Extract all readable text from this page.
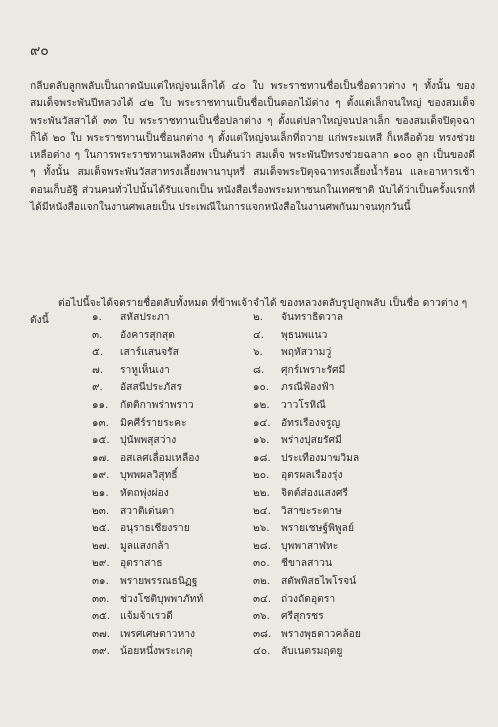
๙๐

กลีบตลับลูกพลับเป็นถาดนับแต่ใหญ่จนเล็กได้ ๔๐ ใบ พระราชทานชื่อเป็นชื่อดาวต่าง ๆ ทั้งนั้น ของสมเด็จพระพันปีหลวงได้ ๔๒ ใบ พระราชทานเป็นชื่อเป็นดอกไม้ต่าง ๆ ตั้งแต่เล็กจนใหญ่ ของสมเด็จพระพันวัสสาได้ ๓๓ ใบ พระราชทานเป็นชื่อปลาต่าง ๆ ตั้งแต่ปลาใหญ่จนปลาเล็ก ของสมเด็จปิตุจฉาก็ได้ ๒๐ ใบ พระราชทานเป็นชื่อนกต่าง ๆ ตั้งแต่ใหญ่จนเล็กที่ถวาย แก่พระมเหสี ก็เหลือด้วย ทรงช่วยเหลือต่าง ๆ ในการพระราชทานเพลิงศพ เป็นต้นว่า สมเด็จ พระพันปีทรงช่วยฉลาก ๑๐๐ ลูก เป็นของดี ๆ ทั้งนั้น สมเด็จพระพันวัสสาทรงเลี้ยงพานาบุหรี่ สมเด็จพระปิตุจฉาทรงเลี้ยงน้ำร้อน และอาหารเช้า ตอนเก็บอัฐิ ส่วนคนทั่วไปนั้นได้รับแจกเป็น หนังสือเรื่องพระมหาชนกในเทศชาติ นับได้ว่าเป็นครั้งแรกที่ได้มีหนังสือแจกในงานศพเลยเป็น ประเพณีในการแจกหนังสือในงานศพกันมาจนทุกวันนี้

ต่อไปนี้จะได้จดรายชื่อตลับทั้งหมด ที่ข้าพเจ้าจำได้ ของหลวงตลับรูปลูกพลับ เป็นชื่อ ดาวต่าง ๆ ดังนี้	๑.	สหัสประภา	๒.	จันทราธิดวาล
๓.	อังคารสุกสุด	๔.	พุธนพแนว
๕.	เสาร์แสนจรัส	๖.	พฤหัสวามวู่
๗.	ราหูเห็นเงา	๘.	ศุกร์เพราะรัศมี
๙.	อัสสนีประภัสร	๑๐.	ภรณีฟ้องฟ้า
๑๑.	กัตติกาพร่าพราว	๑๒.	วาวโรหิณี
๑๓.	มิคศีร์รายระคะ	๑๔.	อัทรเรืองจรูญ
๑๕.	ปุนัพพสุสว่าง	๑๖.	พร่างปุสยรัศมี
๑๗.	อสเลศเลื่อมเหลือง	๑๘. ประเทืองมาฆวิมล
๑๙.	บุพพผลวิสุทธิ์	๒๐.	อุตรผลเรืองรุ่ง
๒๑.	หัตถพุ่งผ่อง	๒๒.	จิตต์ส่องแสงศรี
๒๓.	สวาติเด่นดา	๒๔. วิสาขะระตาษ
๒๕. อนุราธเชียงราย	๒๖.	พรายเชษฐ์พิพูลย์
๒๗. มูลแสงกล้า	๒๘. บุพพาสาฬหะ
๒๙.	อุตราสาธ	๓๐.	ชีขาลสาวน
๓๑.	พรายพรรณธนิฏฐ	๓๒.	สตัพพิสธไพโรจน์
๓๓.	ช่วงโชติบุพพาภัทท์	๓๔. ถ่วงถัดอุตรา
๓๕. แจ้มจ้าเรวดี	๓๖.	ศรีสุกรชร
๓๗. เพรศเศษดาวหาง	๓๘. พรางพุธดาวคล้อย
๓๙. น้อยหนึ่งพระเกตุ	๔๐.	ลับเนตรมฤตยู
